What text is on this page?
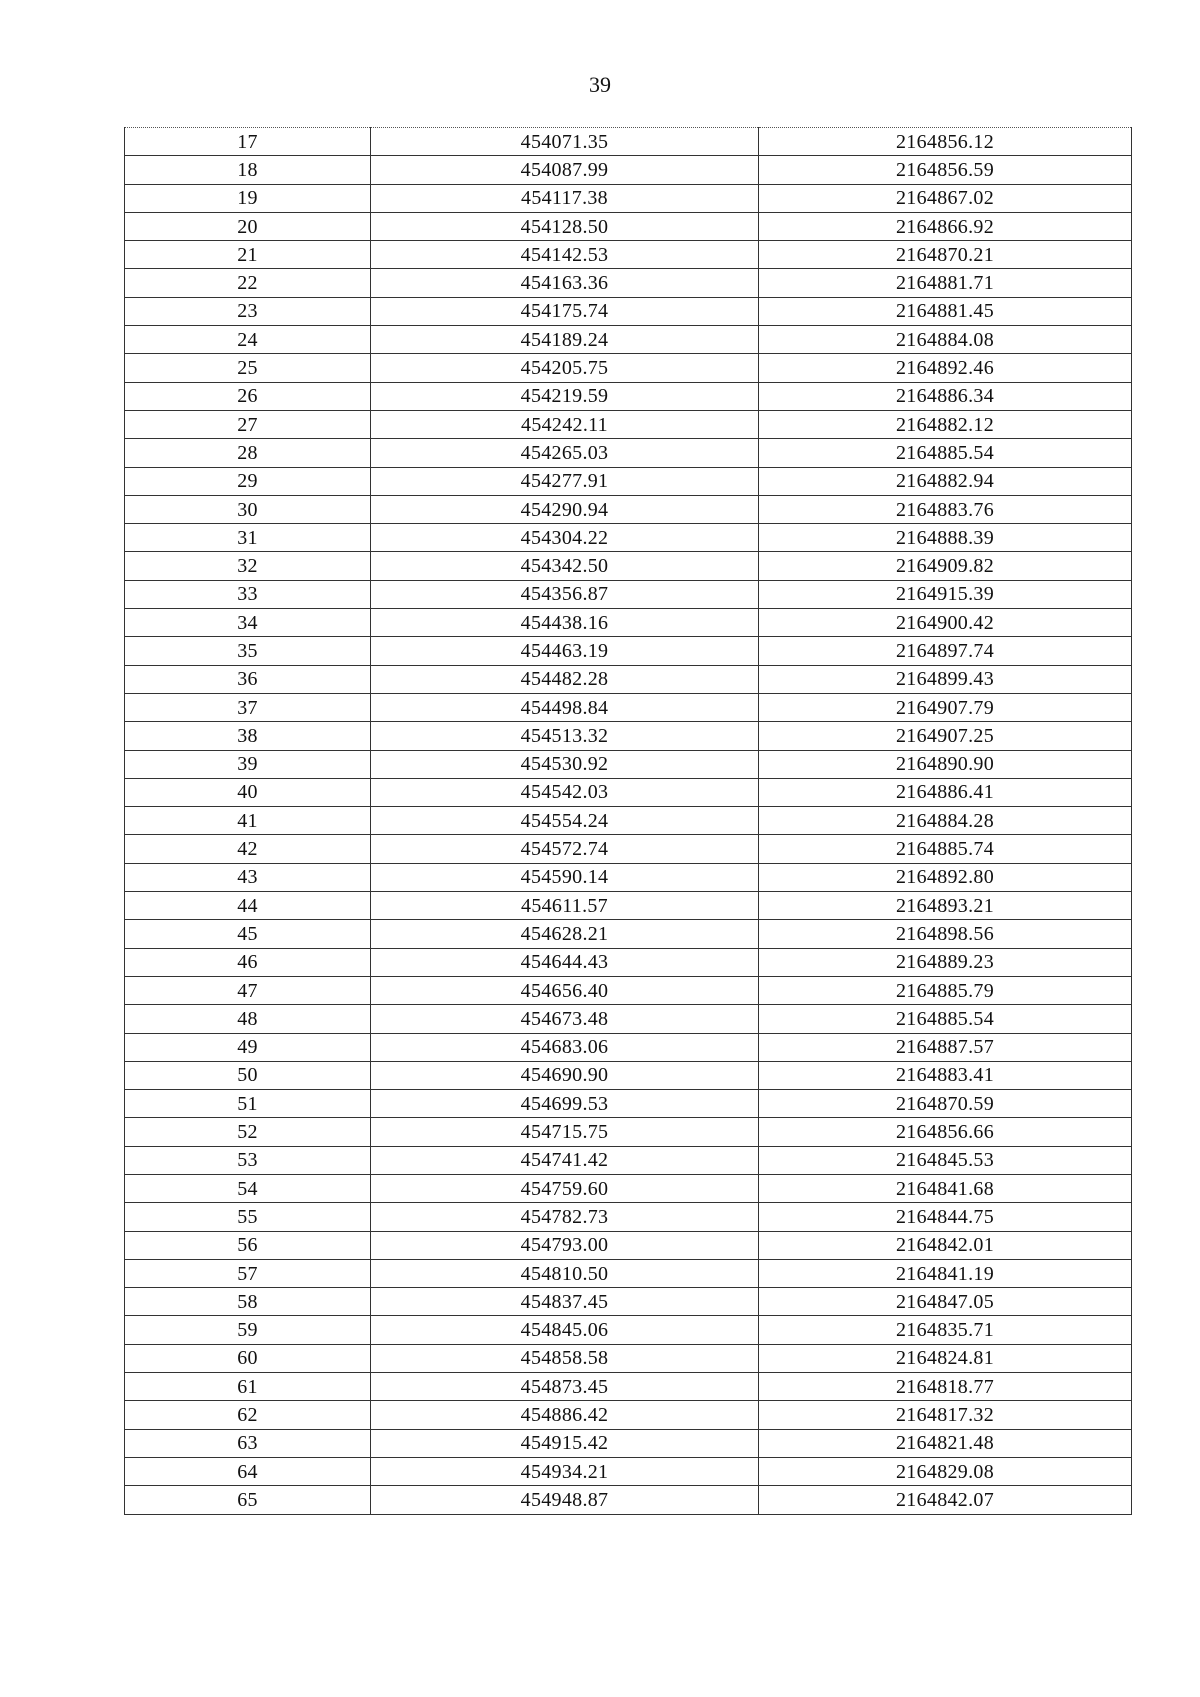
39
17	454071.35	2164856.12
18	454087.99	2164856.59
19	454117.38	2164867.02
20	454128.50	2164866.92
21	454142.53	2164870.21
22	454163.36	2164881.71
23	454175.74	2164881.45
24	454189.24	2164884.08
25	454205.75	2164892.46
26	454219.59	2164886.34
27	454242.11	2164882.12
28	454265.03	2164885.54
29	454277.91	2164882.94
30	454290.94	2164883.76
31	454304.22	2164888.39
32	454342.50	2164909.82
33	454356.87	2164915.39
34	454438.16	2164900.42
35	454463.19	2164897.74
36	454482.28	2164899.43
37	454498.84	2164907.79
38	454513.32	2164907.25
39	454530.92	2164890.90
40	454542.03	2164886.41
41	454554.24	2164884.28
42	454572.74	2164885.74
43	454590.14	2164892.80
44	454611.57	2164893.21
45	454628.21	2164898.56
46	454644.43	2164889.23
47	454656.40	2164885.79
48	454673.48	2164885.54
49	454683.06	2164887.57
50	454690.90	2164883.41
51	454699.53	2164870.59
52	454715.75	2164856.66
53	454741.42	2164845.53
54	454759.60	2164841.68
55	454782.73	2164844.75
56	454793.00	2164842.01
57	454810.50	2164841.19
58	454837.45	2164847.05
59	454845.06	2164835.71
60	454858.58	2164824.81
61	454873.45	2164818.77
62	454886.42	2164817.32
63	454915.42	2164821.48
64	454934.21	2164829.08
65	454948.87	2164842.07
